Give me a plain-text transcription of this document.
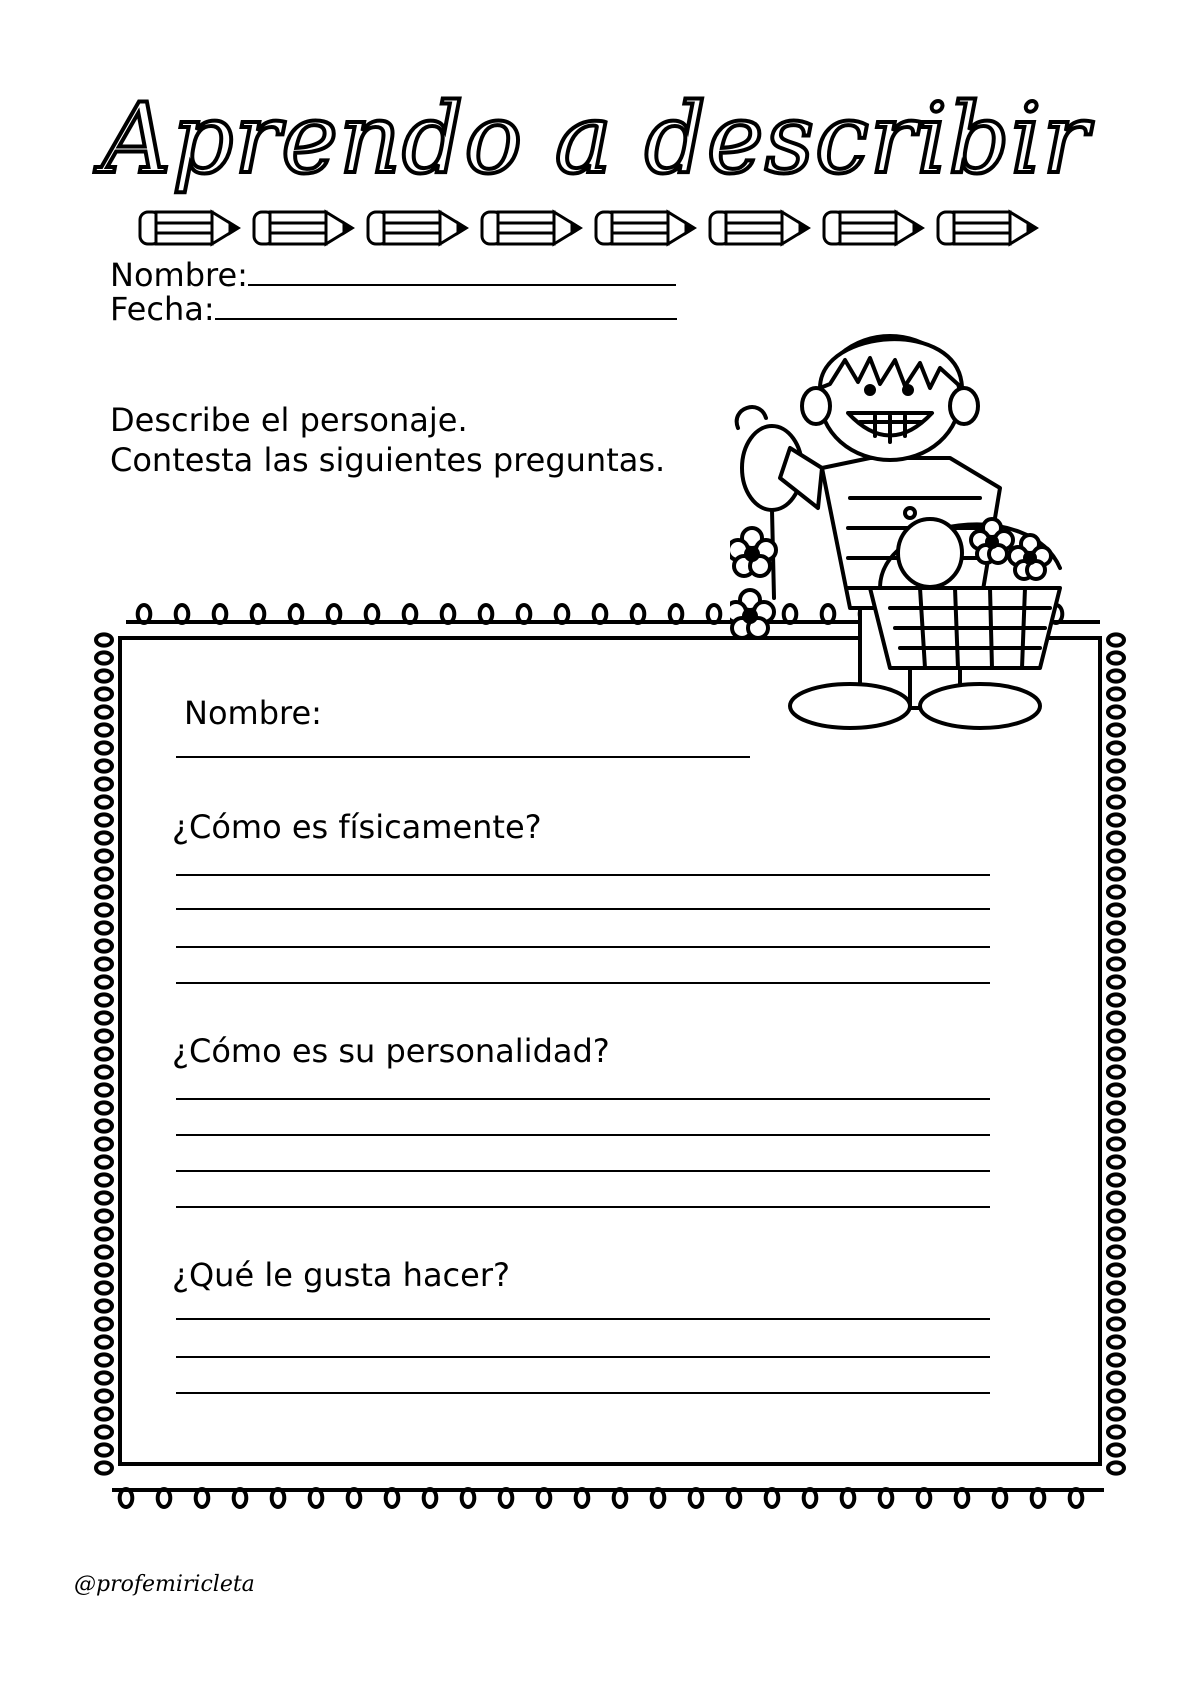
Aprendo a describir
Nombre:
Fecha:
Describe el personaje.
Contesta las siguientes preguntas.
Nombre:
¿Cómo es físicamente?
¿Cómo es su personalidad?
¿Qué le gusta hacer?
@profemiricleta
